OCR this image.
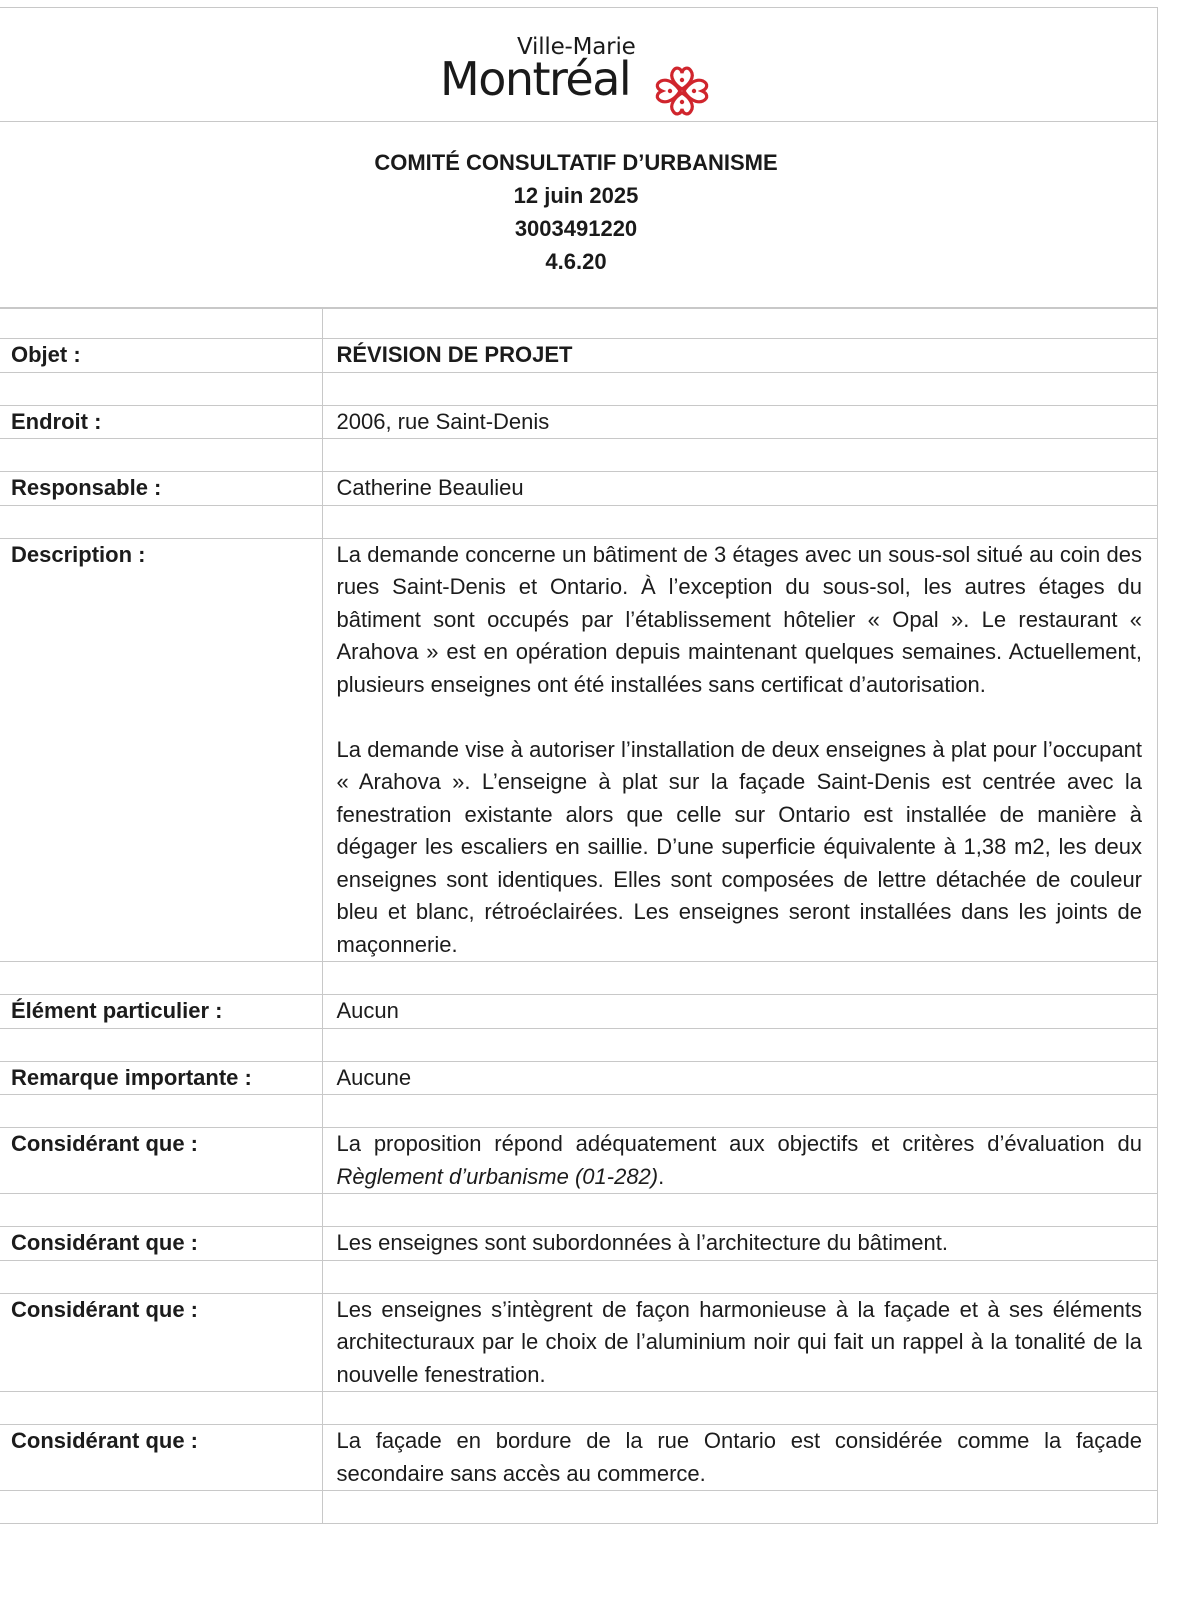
Ville-Marie
Montréal
COMITÉ CONSULTATIF D’URBANISME
12 juin 2025
3003491220
4.6.20

Objet :	RÉVISION DE PROJET

Endroit :	2006, rue Saint-Denis

Responsable :	Catherine Beaulieu

Description :	La demande concerne un bâtiment de 3 étages avec un sous-sol situé au coin des rues Saint-Denis et Ontario. À l’exception du sous-sol, les autres étages du bâtiment sont occupés par l’établissement hôtelier « Opal ». Le restaurant « Arahova » est en opération depuis maintenant quelques semaines. Actuellement, plusieurs enseignes ont été installées sans certificat d’autorisation.
La demande vise à autoriser l’installation de deux enseignes à plat pour l’occupant « Arahova ». L’enseigne à plat sur la façade Saint-Denis est centrée avec la fenestration existante alors que celle sur Ontario est installée de manière à dégager les escaliers en saillie. D’une superficie équivalente à 1,38 m2, les deux enseignes sont identiques. Elles sont composées de lettre détachée de couleur bleu et blanc, rétroéclairées. Les enseignes seront installées dans les joints de maçonnerie.

Élément particulier :	Aucun

Remarque importante :	Aucune

Considérant que :	La proposition répond adéquatement aux objectifs et critères d’évaluation du Règlement d’urbanisme (01-282).

Considérant que :	Les enseignes sont subordonnées à l’architecture du bâtiment.

Considérant que :	Les enseignes s’intègrent de façon harmonieuse à la façade et à ses éléments architecturaux par le choix de l’aluminium noir qui fait un rappel à la tonalité de la nouvelle fenestration.

Considérant que :	La façade en bordure de la rue Ontario est considérée comme la façade secondaire sans accès au commerce.
